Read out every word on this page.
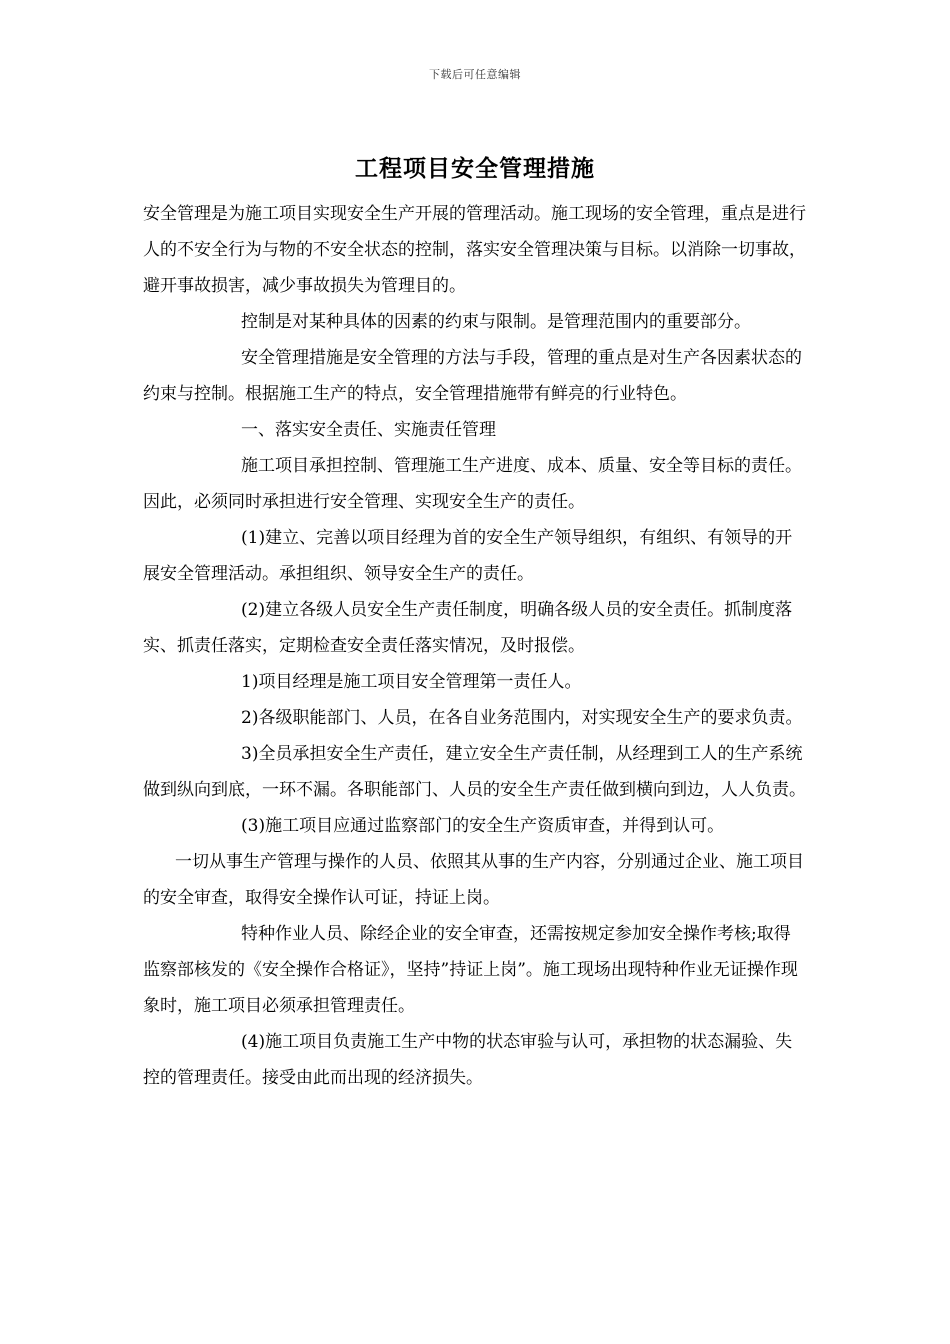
下载后可任意编辑
工程项目安全管理措施

安全管理是为施工项目实现安全生产开展的管理活动。施工现场的安全管理，重点是进行人的不安全行为与物的不安全状态的控制，落实安全管理决策与目标。以消除一切事故，避开事故损害，减少事故损失为管理目的。

控制是对某种具体的因素的约束与限制。是管理范围内的重要部分。

安全管理措施是安全管理的方法与手段，管理的重点是对生产各因素状态的约束与控制。根据施工生产的特点，安全管理措施带有鲜亮的行业特色。

一、落实安全责任、实施责任管理

施工项目承担控制、管理施工生产进度、成本、质量、安全等目标的责任。因此，必须同时承担进行安全管理、实现安全生产的责任。

(1)建立、完善以项目经理为首的安全生产领导组织，有组织、有领导的开展安全管理活动。承担组织、领导安全生产的责任。

(2)建立各级人员安全生产责任制度，明确各级人员的安全责任。抓制度落实、抓责任落实，定期检查安全责任落实情况，及时报偿。

1)项目经理是施工项目安全管理第一责任人。

2)各级职能部门、人员，在各自业务范围内，对实现安全生产的要求负责。

3)全员承担安全生产责任，建立安全生产责任制，从经理到工人的生产系统做到纵向到底，一环不漏。各职能部门、人员的安全生产责任做到横向到边，人人负责。

(3)施工项目应通过监察部门的安全生产资质审查，并得到认可。

一切从事生产管理与操作的人员、依照其从事的生产内容，分别通过企业、施工项目的安全审查，取得安全操作认可证，持证上岗。

特种作业人员、除经企业的安全审查，还需按规定参加安全操作考核;取得监察部核发的《安全操作合格证》，坚持”持证上岗”。施工现场出现特种作业无证操作现象时，施工项目必须承担管理责任。

(4)施工项目负责施工生产中物的状态审验与认可，承担物的状态漏验、失控的管理责任。接受由此而出现的经济损失。
